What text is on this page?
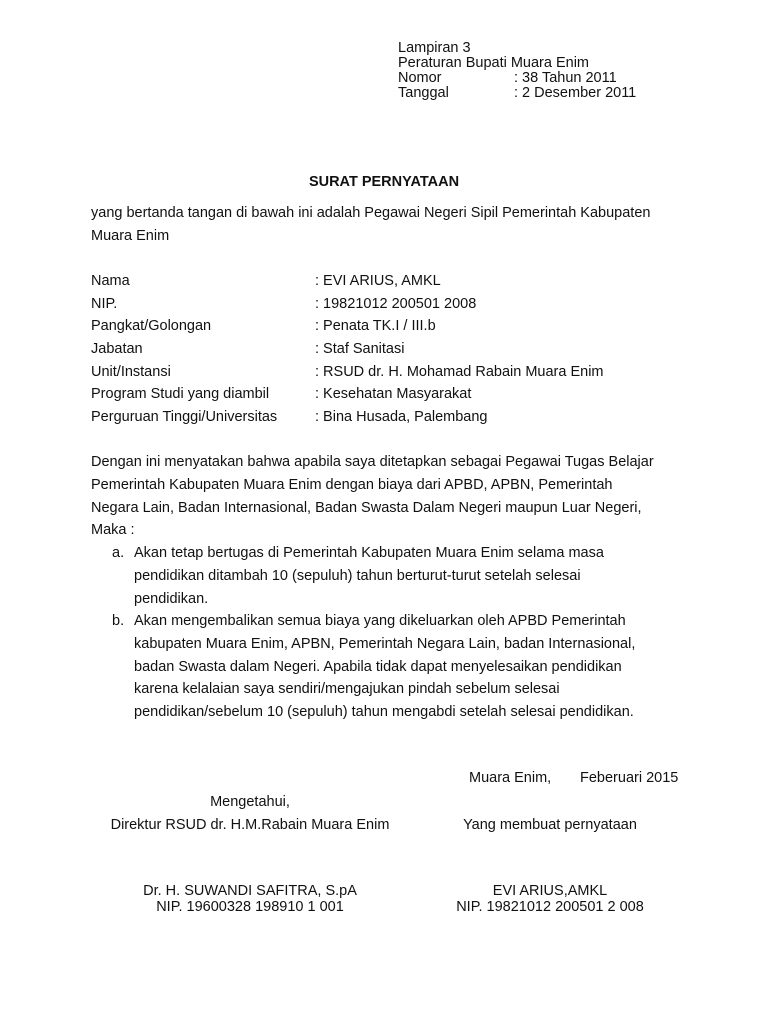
Lampiran 3
Peraturan Bupati Muara Enim
Nomor	: 38 Tahun 2011
Tanggal	: 2 Desember 2011
SURAT PERNYATAAN
yang bertanda tangan di bawah ini adalah Pegawai Negeri Sipil Pemerintah Kabupaten
Muara Enim
Nama	: EVI ARIUS, AMKL
NIP.	: 19821012 200501 2008
Pangkat/Golongan	: Penata TK.I / III.b
Jabatan	: Staf Sanitasi
Unit/Instansi	: RSUD dr. H. Mohamad Rabain Muara Enim
Program Studi yang diambil	: Kesehatan Masyarakat
Perguruan Tinggi/Universitas	: Bina Husada, Palembang
Dengan ini menyatakan bahwa apabila saya ditetapkan sebagai Pegawai Tugas Belajar
Pemerintah Kabupaten Muara Enim dengan biaya dari APBD, APBN, Pemerintah
Negara Lain, Badan Internasional, Badan Swasta Dalam Negeri maupun Luar Negeri,
Maka :
a. Akan tetap bertugas di Pemerintah Kabupaten Muara Enim selama masa
pendidikan ditambah 10 (sepuluh) tahun berturut-turut setelah selesai
pendidikan.
b. Akan mengembalikan semua biaya yang dikeluarkan oleh APBD Pemerintah
kabupaten Muara Enim, APBN, Pemerintah Negara Lain, badan Internasional,
badan Swasta dalam Negeri. Apabila tidak dapat menyelesaikan pendidikan
karena kelalaian saya sendiri/mengajukan pindah sebelum selesai
pendidikan/sebelum 10 (sepuluh) tahun mengabdi setelah selesai pendidikan.
Muara Enim, Feberuari 2015
Mengetahui,
Direktur RSUD dr. H.M.Rabain Muara Enim
Dr. H. SUWANDI SAFITRA, S.pA
NIP. 19600328 198910 1 001
Yang membuat pernyataan
EVI ARIUS,AMKL
NIP. 19821012 200501 2 008
